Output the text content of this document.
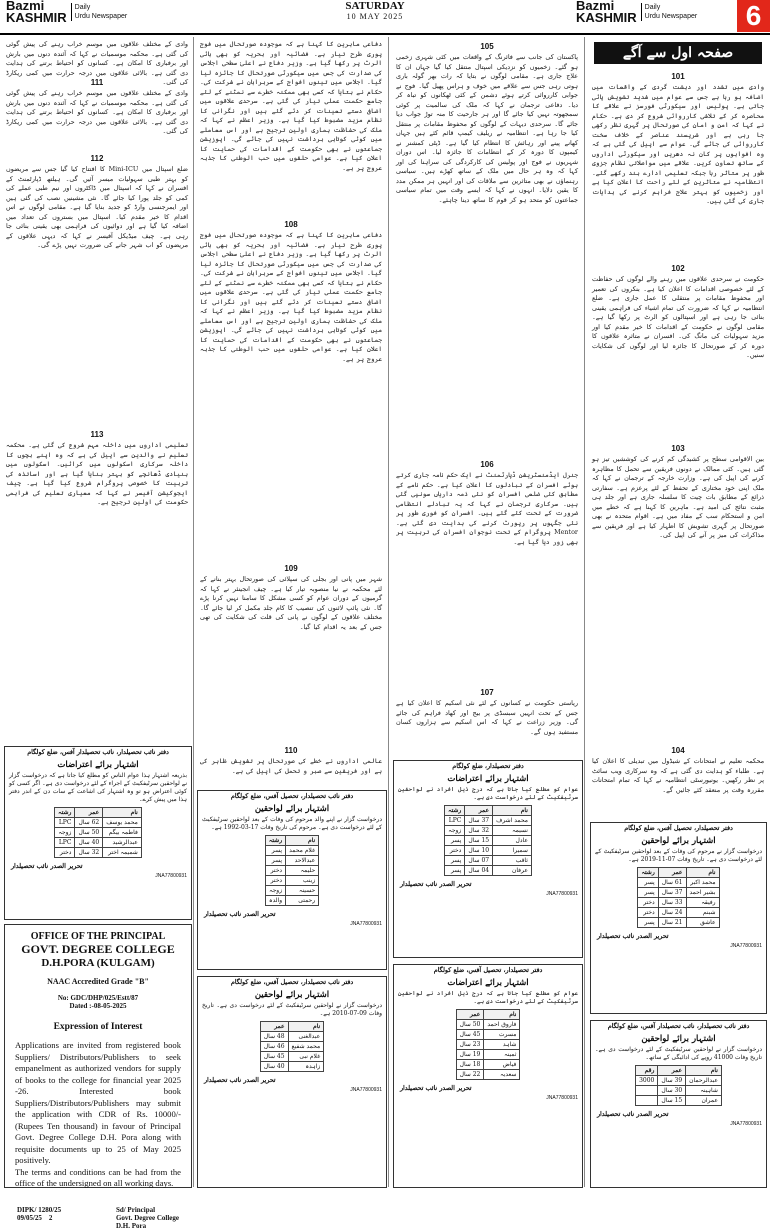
Bazmi
KASHMIR
Daily
Urdu Newspaper
SATURDAY
10 MAY 2025
Bazmi
KASHMIR
Daily
Urdu Newspaper	6
صفحہ اول سے آگے
101
وادی میں تشدد اور دہشت گردی کے واقعات میں اضافہ ہو رہا ہے جس سے عوام میں شدید تشویش پائی جاتی ہے۔ پولیس اور سیکورٹی فورسز نے علاقے کا محاصرہ کر کے تلاشی کارروائی شروع کر دی ہے۔ حکام نے کہا کہ امن و امان کی صورتحال پر گہری نظر رکھی جا رہی ہے اور شرپسند عناصر کے خلاف سخت کارروائی کی جائے گی۔ عوام سے اپیل کی گئی ہے کہ وہ افواہوں پر کان نہ دھریں اور سیکورٹی اداروں کے ساتھ تعاون کریں۔ علاقے میں مواصلاتی نظام جزوی طور پر متاثر رہا جبکہ تعلیمی ادارے بند رکھے گئے۔ انتظامیہ نے متاثرین کے لئے راحت کا اعلان کیا ہے اور زخمیوں کو بہتر علاج فراہم کرنے کی ہدایات جاری کی گئی ہیں۔
102
حکومت نے سرحدی علاقوں میں رہنے والے لوگوں کی حفاظت کے لئے خصوصی اقدامات کا اعلان کیا ہے۔ بنکروں کی تعمیر اور محفوظ مقامات پر منتقلی کا عمل جاری ہے۔ ضلع انتظامیہ نے کہا کہ ضرورت کی تمام اشیاء کی فراہمی یقینی بنائی جا رہی ہے اور اسپتالوں کو الرٹ پر رکھا گیا ہے۔ مقامی لوگوں نے حکومت کے اقدامات کا خیر مقدم کیا اور مزید سہولیات کی مانگ کی۔ افسران نے متاثرہ علاقوں کا دورہ کر کے صورتحال کا جائزہ لیا اور لوگوں کی شکایات سنیں۔
103
بین الاقوامی سطح پر کشیدگی کم کرنے کی کوششیں تیز ہو گئی ہیں۔ کئی ممالک نے دونوں فریقین سے تحمل کا مظاہرہ کرنے کی اپیل کی ہے۔ وزارت خارجہ کے ترجمان نے کہا کہ ملک اپنی خود مختاری کے تحفظ کے لئے پرعزم ہے۔ سفارتی ذرائع کے مطابق بات چیت کا سلسلہ جاری ہے اور جلد ہی مثبت نتائج کی امید ہے۔ ماہرین کا کہنا ہے کہ خطے میں امن و استحکام سب کے مفاد میں ہے۔ اقوام متحدہ نے بھی صورتحال پر گہری تشویش کا اظہار کیا ہے اور فریقین سے مذاکرات کی میز پر آنے کی اپیل کی۔
104
محکمہ تعلیم نے امتحانات کے شیڈول میں تبدیلی کا اعلان کیا ہے۔ طلباء کو ہدایت دی گئی ہے کہ وہ سرکاری ویب سائٹ پر نظر رکھیں۔ یونیورسٹی انتظامیہ نے کہا کہ تمام امتحانات مقررہ وقت پر منعقد کئے جائیں گے۔
دفتر تحصیلدار، تحصیل آفس، ضلع کولگام
اشتہار برائے لواحقین
درخواست گزار نے مرحوم کی وفات کے بعد لواحقین سرٹیفکیٹ کے لئے درخواست دی ہے۔ تاریخ وفات 07-11-2019 ہے۔
نام	عمر	رشتہ
محمد اکبر	61 سال	پسر
بشیر احمد	37 سال	پسر
رفیقہ	33 سال	دختر
شبنم	24 سال	دختر
عاشق	21 سال	پسر
تحریر الصدر نائب تحصیلدار
JNA77800931
دفتر نائب تحصیلدار، نائب تحصیلدار آفس، ضلع کولگام
اشتہار برائے لواحقین
درخواست گزار نے لواحقین سرٹیفکیٹ کے لئے درخواست دی ہے۔ تاریخ وفات 41000 روپے کی ادائیگی کے ساتھ۔
نام	عمر	رقم
عبدالرحمان	39 سال	3000
شاہینہ	30 سال	
عمران	15 سال	
تحریر الصدر نائب تحصیلدار
JNA77800931
105
پاکستان کی جانب سے فائرنگ کے واقعات میں کئی شہری زخمی ہو گئے۔ زخمیوں کو نزدیکی اسپتال منتقل کیا گیا جہاں ان کا علاج جاری ہے۔ مقامی لوگوں نے بتایا کہ رات بھر گولہ باری ہوتی رہی جس سے علاقے میں خوف و ہراس پھیل گیا۔ فوج نے جوابی کارروائی کرتے ہوئے دشمن کے کئی ٹھکانوں کو تباہ کر دیا۔ دفاعی ترجمان نے کہا کہ ملک کی سالمیت پر کوئی سمجھوتہ نہیں کیا جائے گا اور ہر جارحیت کا منہ توڑ جواب دیا جائے گا۔ سرحدی دیہات کے لوگوں کو محفوظ مقامات پر منتقل کیا جا رہا ہے۔ انتظامیہ نے ریلیف کیمپ قائم کئے ہیں جہاں کھانے پینے اور رہائش کا انتظام کیا گیا ہے۔ ڈپٹی کمشنر نے کیمپوں کا دورہ کر کے انتظامات کا جائزہ لیا۔ اس دوران شہریوں نے فوج اور پولیس کی کارکردگی کی سراہنا کی اور کہا کہ وہ ہر حال میں ملک کے ساتھ کھڑے ہیں۔ سیاسی رہنماؤں نے بھی متاثرین سے ملاقات کی اور انہیں ہر ممکن مدد کا یقین دلایا۔ انہوں نے کہا کہ ایسے وقت میں تمام سیاسی جماعتوں کو متحد ہو کر قوم کا ساتھ دینا چاہئے۔
106
جنرل ایڈمنسٹریشن ڈپارٹمنٹ نے ایک حکم نامہ جاری کرتے ہوئے افسران کے تبادلوں کا اعلان کیا ہے۔ حکم نامے کے مطابق کئی ضلعی افسران کو نئی ذمہ داریاں سونپی گئی ہیں۔ سرکاری ترجمان نے کہا کہ یہ تبادلے انتظامی ضرورت کے تحت کئے گئے ہیں۔ افسران کو فوری طور پر نئی جگہوں پر رپورٹ کرنے کی ہدایت دی گئی ہے۔ Mentor پروگرام کے تحت نوجوان افسران کی تربیت پر بھی زور دیا گیا ہے۔
107
ریاستی حکومت نے کسانوں کے لئے نئی اسکیم کا اعلان کیا ہے جس کے تحت انہیں سبسڈی پر بیج اور کھاد فراہم کی جائے گی۔ وزیر زراعت نے کہا کہ اس اسکیم سے ہزاروں کسان مستفید ہوں گے۔
دفتر تحصیلدار، ضلع کولگام
اشتہار برائے اعتراضات
عوام کو مطلع کیا جاتا ہے کہ درج ذیل افراد نے لواحقین سرٹیفکیٹ کے لئے درخواست دی ہے۔
نام	عمر	رشتہ
محمد اشرف	37 سال	LPC
نسیمہ	32 سال	زوجہ
عادل	15 سال	پسر
سمیرا	10 سال	دختر
ثاقب	07 سال	پسر
عرفان	04 سال	پسر
تحریر الصدر نائب تحصیلدار
JNA77800931
دفتر تحصیلدار، تحصیل آفس، ضلع کولگام
اشتہار برائے اعتراضات
عوام کو مطلع کیا جاتا ہے کہ درج ذیل افراد نے لواحقین سرٹیفکیٹ کے لئے درخواست دی ہے۔
نام	عمر
فاروق احمد	50 سال
مسرت	45 سال
شاہد	23 سال
ثمینہ	19 سال
فیاض	18 سال
سعدیہ	22 سال
تحریر الصدر نائب تحصیلدار
JNA77800931
دفاعی ماہرین کا کہنا ہے کہ موجودہ صورتحال میں فوج پوری طرح تیار ہے۔ فضائیہ اور بحریہ کو بھی ہائی الرٹ پر رکھا گیا ہے۔ وزیر دفاع نے اعلیٰ سطحی اجلاس کی صدارت کی جس میں سیکورٹی صورتحال کا جائزہ لیا گیا۔ اجلاس میں تینوں افواج کے سربراہان نے شرکت کی۔ حکام نے بتایا کہ کسی بھی ممکنہ خطرے سے نمٹنے کے لئے جامع حکمت عملی تیار کی گئی ہے۔ سرحدی علاقوں میں اضافی دستے تعینات کر دئے گئے ہیں اور نگرانی کا نظام مزید مضبوط کیا گیا ہے۔ وزیر اعظم نے کہا کہ ملک کی حفاظت ہماری اولین ترجیح ہے اور اس معاملے میں کوئی کوتاہی برداشت نہیں کی جائے گی۔ اپوزیشن جماعتوں نے بھی حکومت کے اقدامات کی حمایت کا اعلان کیا ہے۔ عوامی حلقوں میں حب الوطنی کا جذبہ عروج پر ہے۔
108
دفاعی ماہرین کا کہنا ہے کہ موجودہ صورتحال میں فوج پوری طرح تیار ہے۔ فضائیہ اور بحریہ کو بھی ہائی الرٹ پر رکھا گیا ہے۔ وزیر دفاع نے اعلیٰ سطحی اجلاس کی صدارت کی جس میں سیکورٹی صورتحال کا جائزہ لیا گیا۔ اجلاس میں تینوں افواج کے سربراہان نے شرکت کی۔ حکام نے بتایا کہ کسی بھی ممکنہ خطرے سے نمٹنے کے لئے جامع حکمت عملی تیار کی گئی ہے۔ سرحدی علاقوں میں اضافی دستے تعینات کر دئے گئے ہیں اور نگرانی کا نظام مزید مضبوط کیا گیا ہے۔ وزیر اعظم نے کہا کہ ملک کی حفاظت ہماری اولین ترجیح ہے اور اس معاملے میں کوئی کوتاہی برداشت نہیں کی جائے گی۔ اپوزیشن جماعتوں نے بھی حکومت کے اقدامات کی حمایت کا اعلان کیا ہے۔ عوامی حلقوں میں حب الوطنی کا جذبہ عروج پر ہے۔
109
شہر میں پانی اور بجلی کی سپلائی کی صورتحال بہتر بنانے کے لئے محکمہ نے نیا منصوبہ تیار کیا ہے۔ چیف انجینئر نے کہا کہ گرمیوں کے دوران عوام کو کسی مشکل کا سامنا نہیں کرنا پڑے گا۔ نئی پائپ لائنوں کی تنصیب کا کام جلد مکمل کر لیا جائے گا۔ مختلف علاقوں کے لوگوں نے پانی کی قلت کی شکایت کی تھی جس کے بعد یہ اقدام کیا گیا۔
110
عالمی اداروں نے خطے کی صورتحال پر تشویش ظاہر کی ہے اور فریقین سے صبر و تحمل کی اپیل کی ہے۔
دفتر نائب تحصیلدار، تحصیل آفس، ضلع کولگام
اشتہار برائے لواحقین
درخواست گزار نے اپنے والد مرحوم کی وفات کے بعد لواحقین سرٹیفکیٹ کے لئے درخواست دی ہے۔ مرحوم کی تاریخ وفات 17-03-1992 ہے۔
نام	رشتہ
غلام محمد	پسر
عبدالاحد	پسر
حلیمہ	دختر
زینب	دختر
حسینہ	زوجہ
رحمتی	والدہ
تحریر الصدر نائب تحصیلدار
JNA77800931
دفتر نائب تحصیلدار، تحصیل آفس، ضلع کولگام
اشتہار برائے لواحقین
درخواست گزار نے لواحقین سرٹیفکیٹ کے لئے درخواست دی ہے۔ تاریخ وفات 09-07-2010 ہے۔
نام	عمر
عبدالغنی	48 سال
محمد شفیع	46 سال
غلام نبی	45 سال
زاہدہ	40 سال
تحریر الصدر نائب تحصیلدار
JNA77800931
وادی کے مختلف علاقوں میں موسم خراب رہنے کی پیش گوئی کی گئی ہے۔ محکمہ موسمیات نے کہا کہ آئندہ دنوں میں بارش اور برفباری کا امکان ہے۔ کسانوں کو احتیاط برتنے کی ہدایت دی گئی ہے۔ بالائی علاقوں میں درجہ حرارت میں کمی ریکارڈ کی گئی۔
111
وادی کے مختلف علاقوں میں موسم خراب رہنے کی پیش گوئی کی گئی ہے۔ محکمہ موسمیات نے کہا کہ آئندہ دنوں میں بارش اور برفباری کا امکان ہے۔ کسانوں کو احتیاط برتنے کی ہدایت دی گئی ہے۔ بالائی علاقوں میں درجہ حرارت میں کمی ریکارڈ کی گئی۔
112
ضلع اسپتال میں Mini-ICU کا افتتاح کیا گیا جس سے مریضوں کو بہتر طبی سہولیات میسر آئیں گی۔ ہیلتھ ڈپارٹمنٹ کے افسران نے کہا کہ اسپتال میں ڈاکٹروں اور نیم طبی عملے کی کمی کو جلد پورا کیا جائے گا۔ نئی مشینیں نصب کی گئی ہیں اور ایمرجنسی وارڈ کو جدید بنایا گیا ہے۔ مقامی لوگوں نے اس اقدام کا خیر مقدم کیا۔ اسپتال میں بستروں کی تعداد میں اضافہ کیا گیا ہے اور دوائیوں کی فراہمی بھی یقینی بنائی جا رہی ہے۔ چیف میڈیکل آفیسر نے کہا کہ دیہی علاقوں کے مریضوں کو اب شہر جانے کی ضرورت نہیں پڑے گی۔
113
تعلیمی اداروں میں داخلہ مہم شروع کی گئی ہے۔ محکمہ تعلیم نے والدین سے اپیل کی ہے کہ وہ اپنے بچوں کا داخلہ سرکاری اسکولوں میں کرائیں۔ اسکولوں میں بنیادی ڈھانچے کو بہتر بنایا گیا ہے اور اساتذہ کی تربیت کا خصوصی پروگرام شروع کیا گیا ہے۔ چیف ایجوکیشن آفیسر نے کہا کہ معیاری تعلیم کی فراہمی حکومت کی اولین ترجیح ہے۔
دفتر نائب تحصیلدار، نائب تحصیلدار آفس، ضلع کولگام
اشتہار برائے اعتراضات
بذریعہ اشتہار ہذا عوام الناس کو مطلع کیا جاتا ہے کہ درخواست گزار نے لواحقین سرٹیفکیٹ کے اجراء کے لئے درخواست دی ہے۔ اگر کسی کو کوئی اعتراض ہو تو وہ اشتہار کی اشاعت کے سات دن کے اندر دفتر ہذا میں پیش کرے۔
نام	عمر	رشتہ
محمد یوسف	62 سال	LPC
فاطمہ بیگم	50 سال	زوجہ
عبدالرشید	40 سال	LPC
شمیمہ اختر	32 سال	دختر
تحریر الصدر نائب تحصیلدار
JNA77800931
OFFICE OF THE PRINCIPAL
GOVT. DEGREE COLLEGE
D.H.PORA (KULGAM)
NAAC Accredited Grade "B"
No: GDC/DHP/025/Estt/87
Dated :-08-05-2025
Expression of Interest
Applications are invited from registered book Suppliers/ Distributors/Publishers to seek empanelment as authorized vendors for supply of books to the college for financial year 2025 -26. Interested book Suppliers/Distributors/Publishers may submit the application with CDR of Rs. 10000/- (Rupees Ten thousand) in favour of Principal Govt. Degree College D.H. Pora along with requisite documents up to 25 of May 2025 positively.
The terms and conditions can be had from the office of the undersigned on all working days.
DIPK/ 1280/25
09/05/25 2
Sd/ Principal
Govt. Degree College
D.H. Pora
